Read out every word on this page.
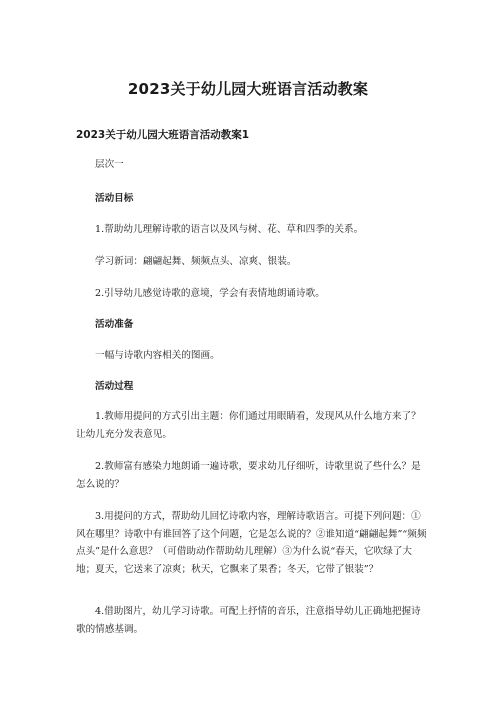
2023关于幼儿园大班语言活动教案
2023关于幼儿园大班语言活动教案1

层次一

活动目标

1.帮助幼儿理解诗歌的语言以及风与树、花、草和四季的关系。

学习新词：翩翩起舞、频频点头、凉爽、银装。

2.引导幼儿感觉诗歌的意境，学会有表情地朗诵诗歌。

活动准备

一幅与诗歌内容相关的图画。

活动过程

1.教师用提问的方式引出主题：你们通过用眼睛看，发现风从什么地方来了？让幼儿充分发表意见。

2.教师富有感染力地朗诵一遍诗歌，要求幼儿仔细听，诗歌里说了些什么？是怎么说的？

3.用提问的方式，帮助幼儿回忆诗歌内容，理解诗歌语言。可提下列问题：①风在哪里？诗歌中有谁回答了这个问题，它是怎么说的？②谁知道“翩翩起舞”“频频点头”是什么意思？（可借助动作帮助幼儿理解）③为什么说“春天，它吹绿了大地；夏天，它送来了凉爽；秋天，它飘来了果香；冬天，它带了银装”？

4.借助图片，幼儿学习诗歌。可配上抒情的音乐，注意指导幼儿正确地把握诗歌的情感基调。
